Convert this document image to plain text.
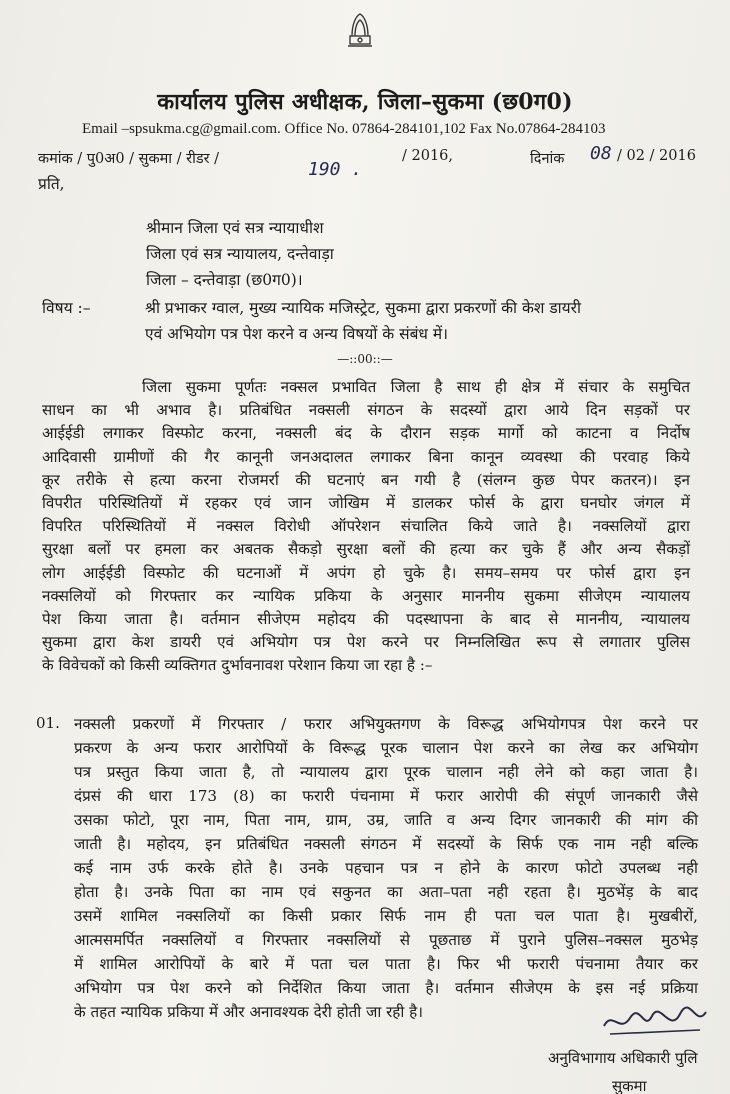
कार्यालय पुलिस अधीक्षक, जिला–सुकमा (छ0ग0)
Email –spsukma.cg@gmail.com. Office No. 07864-284101,102 Fax No.07864-284103
कमांक / पु0अ0 / सुकमा / रीडर /	190 .
/ 2016,	दिनांक 08 / 02 / 2016
प्रति,
श्रीमान जिला एवं सत्र न्यायाधीश
जिला एवं सत्र न्यायालय, दन्तेवाड़ा
जिला – दन्तेवाड़ा (छ0ग0)।
विषय :–	श्री प्रभाकर ग्वाल, मुख्य न्यायिक मजिस्ट्रेट, सुकमा द्वारा प्रकरणों की केश डायरी
एवं अभियोग पत्र पेश करने व अन्य विषयों के संबंध में।
—::00::—

जिला सुकमा पूर्णतः नक्सल प्रभावित जिला है साथ ही क्षेत्र में संचार के समुचित

साधन का भी अभाव है। प्रतिबंधित नक्सली संगठन के सदस्यों द्वारा आये दिन सड़कों पर

आईईडी लगाकर विस्फोट करना, नक्सली बंद के दौरान सड़क मार्गो को काटना व निर्दोष

आदिवासी ग्रामीणों की गैर कानूनी जनअदालत लगाकर बिना कानून व्यवस्था की परवाह किये

कूर तरीके से हत्या करना रोजमर्रा की घटनाएं बन गयी है (संलग्न कुछ पेपर कतरन)। इन

विपरीत परिस्थितियों में रहकर एवं जान जोखिम में डालकर फोर्स के द्वारा घनघोर जंगल में

विपरित परिस्थितियों में नक्सल विरोधी ऑपरेशन संचालित किये जाते है। नक्सलियों द्वारा

सुरक्षा बलों पर हमला कर अबतक सैकड़ो सुरक्षा बलों की हत्या कर चुके हैं और अन्य सैकड़ों

लोग आईईडी विस्फोट की घटनाओं में अपंग हो चुके है। समय–समय पर फोर्स द्वारा इन

नक्सलियों को गिरफ्तार कर न्यायिक प्रकिया के अनुसार माननीय सुकमा सीजेएम न्यायालय

पेश किया जाता है। वर्तमान सीजेएम महोदय की पदस्थापना के बाद से माननीय, न्यायालय

सुकमा द्वारा केश डायरी एवं अभियोग पत्र पेश करने पर निम्नलिखित रूप से लगातार पुलिस

के विवेचकों को किसी व्यक्तिगत दुर्भावनावश परेशान किया जा रहा है :–

01. नक्सली प्रकरणों में गिरफ्तार / फरार अभियुक्तगण के विरूद्ध अभियोगपत्र पेश करने पर

प्रकरण के अन्य फरार आरोपियों के विरूद्ध पूरक चालान पेश करने का लेख कर अभियोग

पत्र प्रस्तुत किया जाता है, तो न्यायालय द्वारा पूरक चालान नही लेने को कहा जाता है।

दंप्रसं की धारा 173 (8) का फरारी पंचनामा में फरार आरोपी की संपूर्ण जानकारी जैसे

उसका फोटो, पूरा नाम, पिता नाम, ग्राम, उम्र, जाति व अन्य दिगर जानकारी की मांग की

जाती है। महोदय, इन प्रतिबंधित नक्सली संगठन में सदस्यों के सिर्फ एक नाम नही बल्कि

कई नाम उर्फ करके होते है। उनके पहचान पत्र न होने के कारण फोटो उपलब्ध नही

होता है। उनके पिता का नाम एवं सकुनत का अता–पता नही रहता है। मुठभेंड़ के बाद

उसमें शामिल नक्सलियों का किसी प्रकार सिर्फ नाम ही पता चल पाता है। मुखबीरों,

आत्मसमर्पित नक्सलियों व गिरफ्तार नक्सलियों से पूछताछ में पुराने पुलिस–नक्सल मुठभेड़

में शामिल आरोपियों के बारे में पता चल पाता है। फिर भी फरारी पंचनामा तैयार कर

अभियोग पत्र पेश करने को निर्देशित किया जाता है। वर्तमान सीजेएम के इस नई प्रक्रिया

के तहत न्यायिक प्रकिया में और अनावश्यक देरी होती जा रही है।

अनुविभागाय अधिकारी पुलि
सुकमा
